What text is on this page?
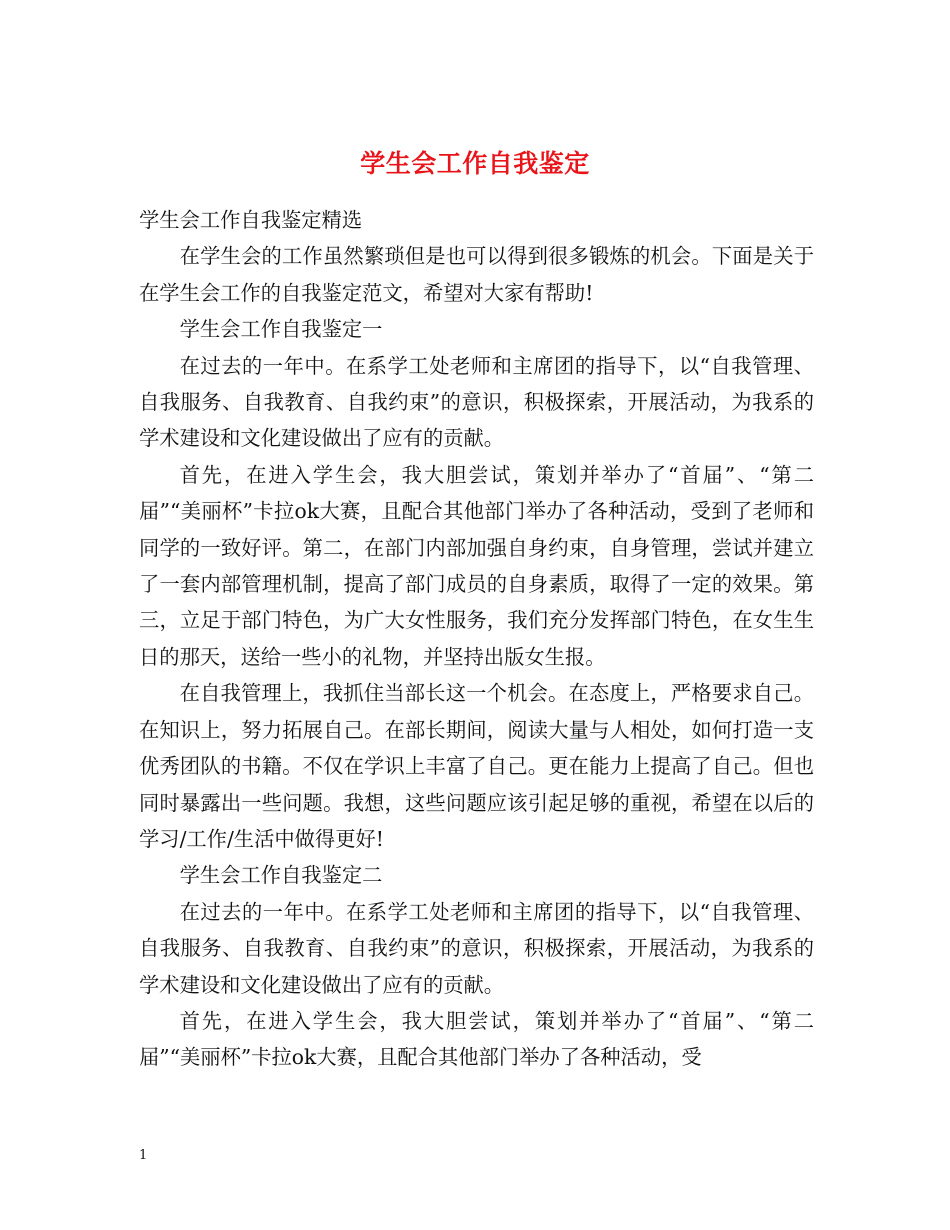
学生会工作自我鉴定

学生会工作自我鉴定精选

在学生会的工作虽然繁琐但是也可以得到很多锻炼的机会。下面是关于在学生会工作的自我鉴定范文，希望对大家有帮助!

学生会工作自我鉴定一

在过去的一年中。在系学工处老师和主席团的指导下，以“自我管理、自我服务、自我教育、自我约束”的意识，积极探索，开展活动，为我系的学术建设和文化建设做出了应有的贡献。

首先，在进入学生会，我大胆尝试，策划并举办了“首届”、“第二届”“美丽杯”卡拉ok大赛，且配合其他部门举办了各种活动，受到了老师和同学的一致好评。第二，在部门内部加强自身约束，自身管理，尝试并建立了一套内部管理机制，提高了部门成员的自身素质，取得了一定的效果。第三，立足于部门特色，为广大女性服务，我们充分发挥部门特色，在女生生日的那天，送给一些小的礼物，并坚持出版女生报。

在自我管理上，我抓住当部长这一个机会。在态度上，严格要求自己。在知识上，努力拓展自己。在部长期间，阅读大量与人相处，如何打造一支优秀团队的书籍。不仅在学识上丰富了自己。更在能力上提高了自己。但也同时暴露出一些问题。我想，这些问题应该引起足够的重视，希望在以后的学习/工作/生活中做得更好!

学生会工作自我鉴定二

在过去的一年中。在系学工处老师和主席团的指导下，以“自我管理、自我服务、自我教育、自我约束”的意识，积极探索，开展活动，为我系的学术建设和文化建设做出了应有的贡献。

首先，在进入学生会，我大胆尝试，策划并举办了“首届”、“第二届”“美丽杯”卡拉ok大赛，且配合其他部门举办了各种活动，受

1
